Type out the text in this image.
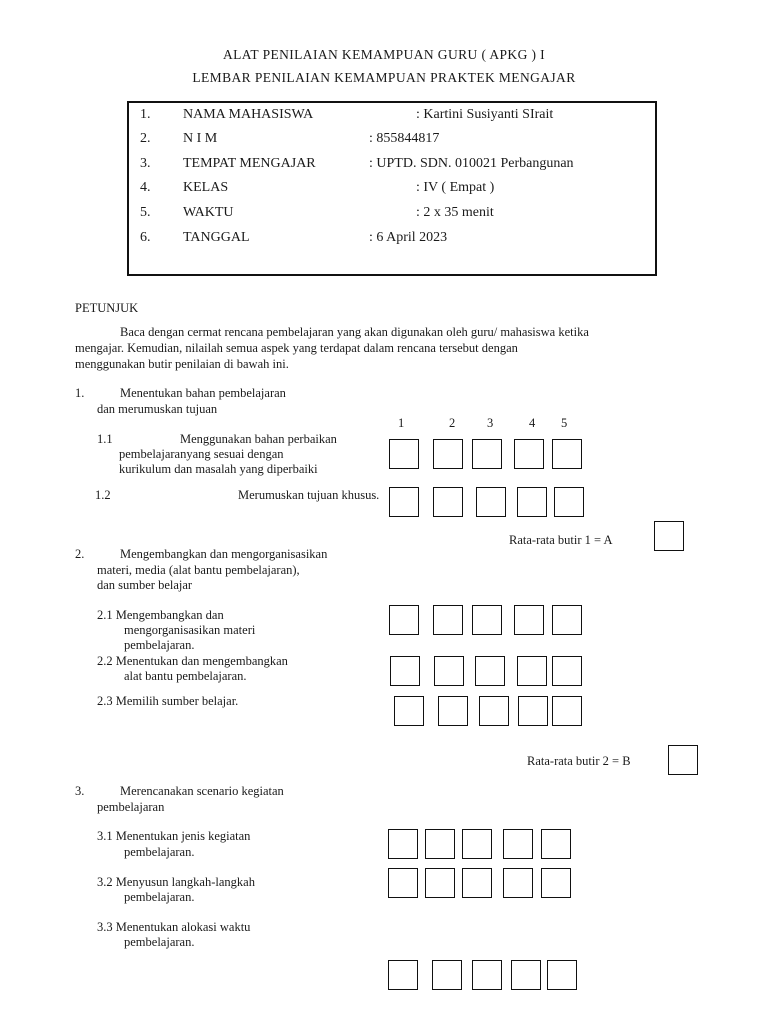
ALAT PENILAIAN KEMAMPUAN GURU ( APKG ) I
LEMBAR PENILAIAN KEMAMPUAN PRAKTEK MENGAJAR
1. NAMA MAHASISWA	: Kartini Susiyanti SIrait
2. N I M	: 855844817
3. TEMPAT MENGAJAR	: UPTD. SDN. 010021 Perbangunan
4. KELAS	: IV ( Empat )
5. WAKTU	: 2 x 35 menit
6. TANGGAL	: 6 April 2023
PETUNJUK
Baca dengan cermat rencana pembelajaran yang akan digunakan oleh guru/ mahasiswa ketika
mengajar. Kemudian, nilailah semua aspek yang terdapat dalam rencana tersebut dengan
menggunakan butir penilaian di bawah ini.
1.	Menentukan bahan pembelajaran
dan merumuskan tujuan
1	2	3	4 5
1.1	Menggunakan bahan perbaikan
pembelajaranyang sesuai dengan
kurikulum dan masalah yang diperbaiki
1.2	Merumuskan tujuan khusus.
Rata-rata butir 1 = A
2.	Mengembangkan dan mengorganisasikan
materi, media (alat bantu pembelajaran),
dan sumber belajar
2.1 Mengembangkan dan
mengorganisasikan materi
pembelajaran.
2.2 Menentukan dan mengembangkan
alat bantu pembelajaran.
2.3 Memilih sumber belajar.
Rata-rata butir 2 = B
3.	Merencanakan scenario kegiatan
pembelajaran
3.1 Menentukan jenis kegiatan
pembelajaran.
3.2 Menyusun langkah-langkah
pembelajaran.
3.3 Menentukan alokasi waktu
pembelajaran.
